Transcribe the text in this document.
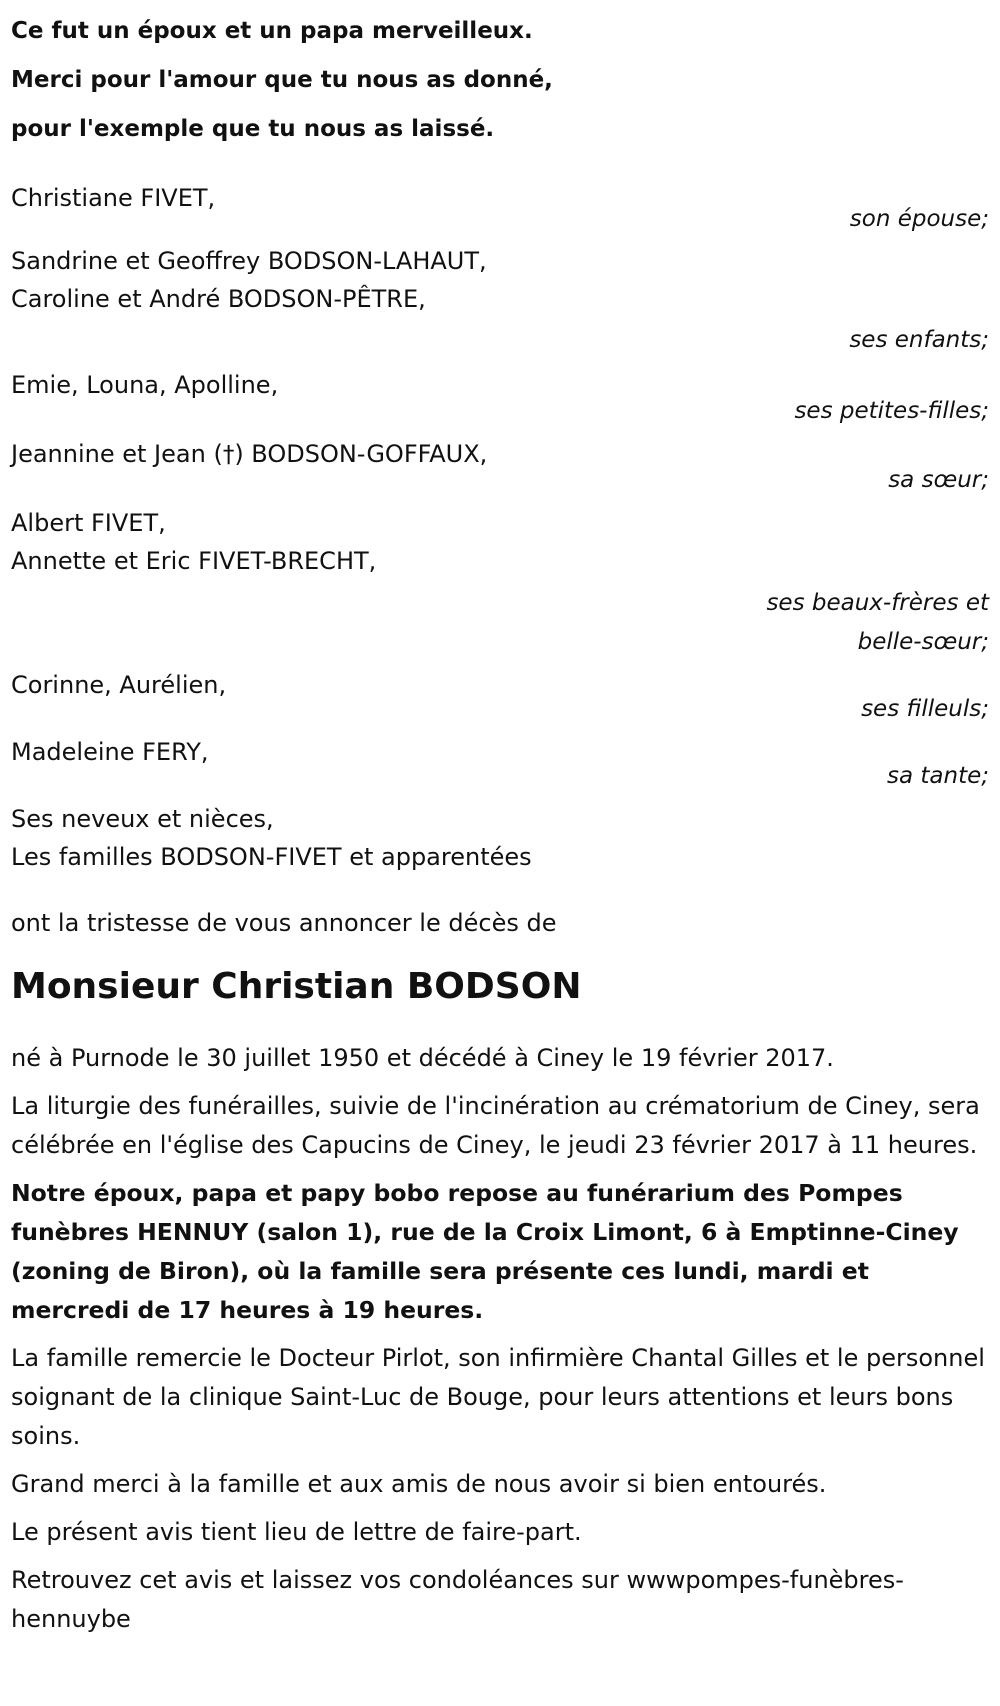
Ce fut un époux et un papa merveilleux.
Merci pour l'amour que tu nous as donné,
pour l'exemple que tu nous as laissé.
Christiane FIVET,
son épouse;
Sandrine et Geoffrey BODSON-LAHAUT,
Caroline et André BODSON-PÊTRE,
ses enfants;
Emie, Louna, Apolline,
ses petites-filles;
Jeannine et Jean (†) BODSON-GOFFAUX,
sa sœur;
Albert FIVET,
Annette et Eric FIVET-BRECHT,
ses beaux-frères et
belle-sœur;
Corinne, Aurélien,
ses filleuls;
Madeleine FERY,
sa tante;
Ses neveux et nièces,
Les familles BODSON-FIVET et apparentées
ont la tristesse de vous annoncer le décès de
Monsieur Christian BODSON

né à Purnode le 30 juillet 1950 et décédé à Ciney le 19 février 2017.

La liturgie des funérailles, suivie de l'incinération au crématorium de Ciney, sera célébrée en l'église des Capucins de Ciney, le jeudi 23 février 2017 à 11 heures.

Notre époux, papa et papy bobo repose au funérarium des Pompes funèbres HENNUY (salon 1), rue de la Croix Limont, 6 à Emptinne-Ciney (zoning de Biron), où la famille sera présente ces lundi, mardi et mercredi de 17 heures à 19 heures.

La famille remercie le Docteur Pirlot, son infirmière Chantal Gilles et le personnel soignant de la clinique Saint-Luc de Bouge, pour leurs attentions et leurs bons soins.

Grand merci à la famille et aux amis de nous avoir si bien entourés.

Le présent avis tient lieu de lettre de faire-part.

Retrouvez cet avis et laissez vos condoléances sur wwwpompes-funèbres-hennuybe
